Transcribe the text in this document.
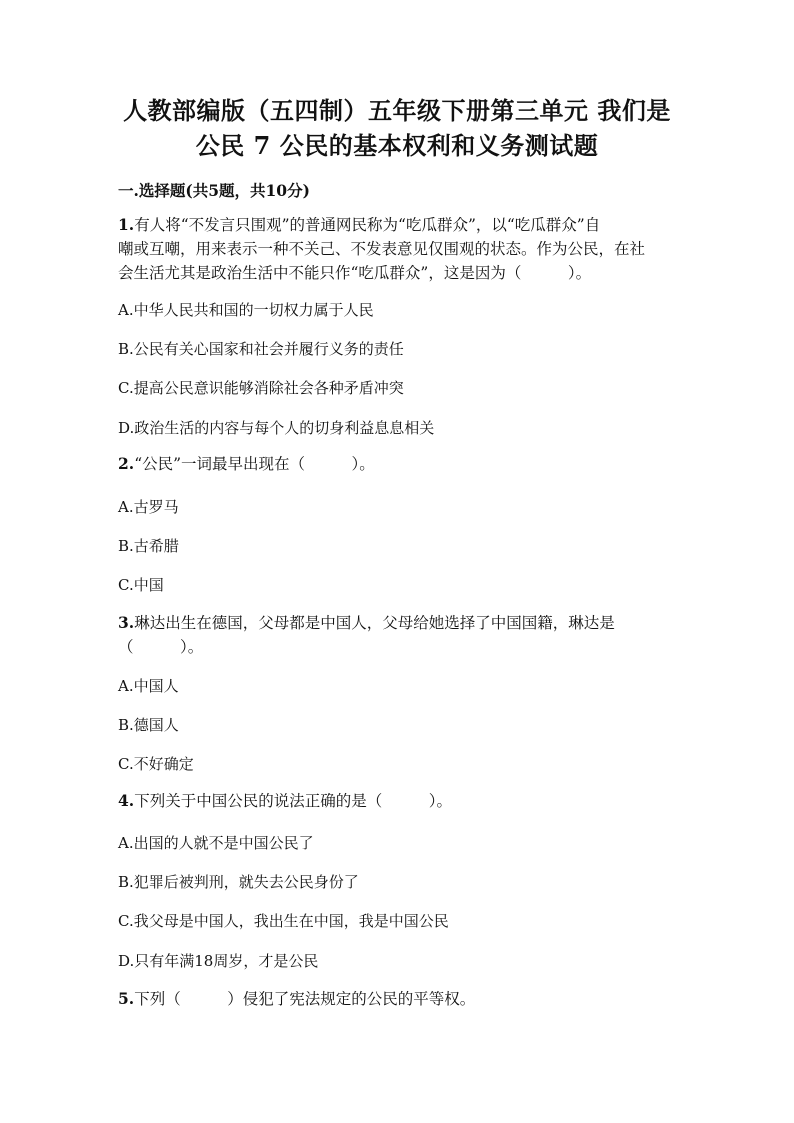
人教部编版（五四制）五年级下册第三单元 我们是
公民 7 公民的基本权利和义务测试题
一.选择题(共5题，共10分)
1.有人将“不发言只围观”的普通网民称为“吃瓜群众”，以“吃瓜群众”自
嘲或互嘲，用来表示一种不关己、不发表意见仅围观的状态。作为公民，在社
会生活尤其是政治生活中不能只作“吃瓜群众”，这是因为（　　　）。
A.中华人民共和国的一切权力属于人民
B.公民有关心国家和社会并履行义务的责任
C.提高公民意识能够消除社会各种矛盾冲突
D.政治生活的内容与每个人的切身利益息息相关
2.“公民”一词最早出现在（　　　）。
A.古罗马
B.古希腊
C.中国
3.琳达出生在德国，父母都是中国人，父母给她选择了中国国籍，琳达是
（　　　）。
A.中国人
B.德国人
C.不好确定
4.下列关于中国公民的说法正确的是（　　　）。
A.出国的人就不是中国公民了
B.犯罪后被判刑，就失去公民身份了
C.我父母是中国人，我出生在中国，我是中国公民
D.只有年满18周岁，才是公民
5.下列（　　　）侵犯了宪法规定的公民的平等权。
